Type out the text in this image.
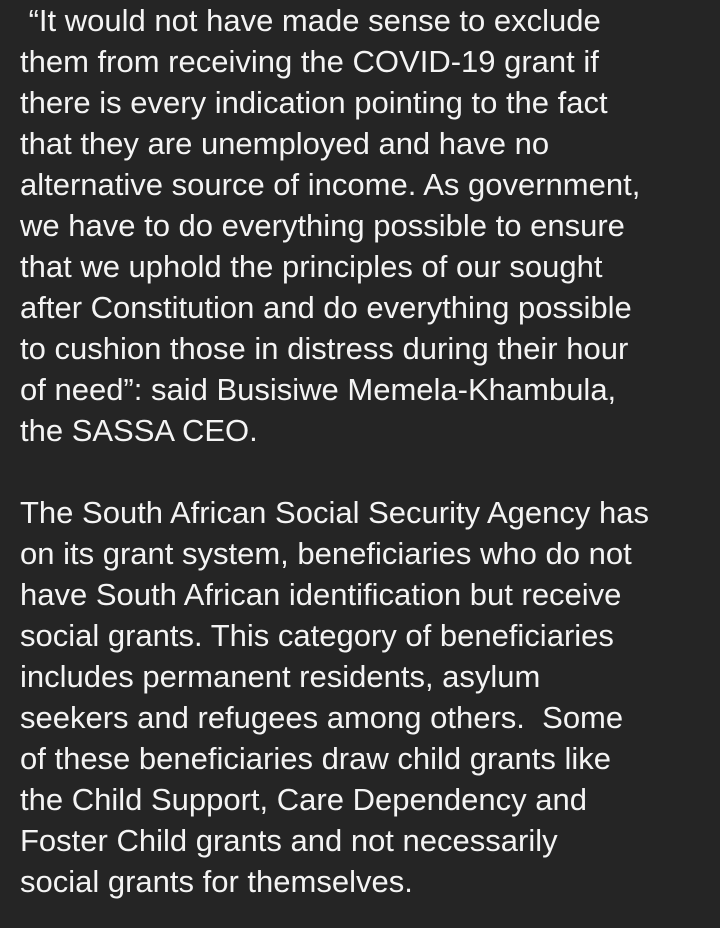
“It would not have made sense to exclude
them from receiving the COVID-19 grant if
there is every indication pointing to the fact
that they are unemployed and have no
alternative source of income. As government,
we have to do everything possible to ensure
that we uphold the principles of our sought
after Constitution and do everything possible
to cushion those in distress during their hour
of need”: said Busisiwe Memela-Khambula,
the SASSA CEO.
The South African Social Security Agency has
on its grant system, beneficiaries who do not
have South African identification but receive
social grants. This category of beneficiaries
includes permanent residents, asylum
seekers and refugees among others.  Some
of these beneficiaries draw child grants like
the Child Support, Care Dependency and
Foster Child grants and not necessarily
social grants for themselves.
